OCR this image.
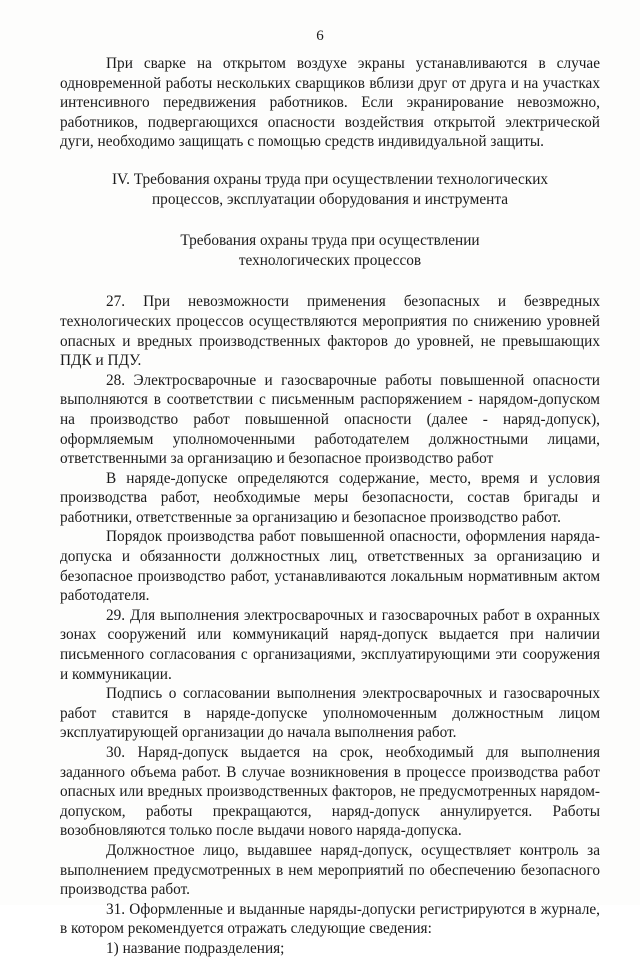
6

При сварке на открытом воздухе экраны устанавливаются в случае одновременной работы нескольких сварщиков вблизи друг от друга и на участках интенсивного передвижения работников. Если экранирование невозможно, работников, подвергающихся опасности воздействия открытой электрической дуги, необходимо защищать с помощью средств индивидуальной защиты.

IV. Требования охраны труда при осуществлении технологических

процессов, эксплуатации оборудования и инструмента

Требования охраны труда при осуществлении

технологических процессов

27. При невозможности применения безопасных и безвредных технологических процессов осуществляются мероприятия по снижению уровней опасных и вредных производственных факторов до уровней, не превышающих ПДК и ПДУ.

28. Электросварочные и газосварочные работы повышенной опасности выполняются в соответствии с письменным распоряжением - нарядом-допуском на производство работ повышенной опасности (далее - наряд-допуск), оформляемым уполномоченными работодателем должностными лицами, ответственными за организацию и безопасное производство работ

В наряде-допуске определяются содержание, место, время и условия производства работ, необходимые меры безопасности, состав бригады и работники, ответственные за организацию и безопасное производство работ.

Порядок производства работ повышенной опасности, оформления наряда-допуска и обязанности должностных лиц, ответственных за организацию и безопасное производство работ, устанавливаются локальным нормативным актом работодателя.

29. Для выполнения электросварочных и газосварочных работ в охранных зонах сооружений или коммуникаций наряд-допуск выдается при наличии письменного согласования с организациями, эксплуатирующими эти сооружения и коммуникации.

Подпись о согласовании выполнения электросварочных и газосварочных работ ставится в наряде-допуске уполномоченным должностным лицом эксплуатирующей организации до начала выполнения работ.

30. Наряд-допуск выдается на срок, необходимый для выполнения заданного объема работ. В случае возникновения в процессе производства работ опасных или вредных производственных факторов, не предусмотренных нарядом-допуском, работы прекращаются, наряд-допуск аннулируется. Работы возобновляются только после выдачи нового наряда-допуска.

Должностное лицо, выдавшее наряд-допуск, осуществляет контроль за выполнением предусмотренных в нем мероприятий по обеспечению безопасного производства работ.

31. Оформленные и выданные наряды-допуски регистрируются в журнале, в котором рекомендуется отражать следующие сведения:

1) название подразделения;
